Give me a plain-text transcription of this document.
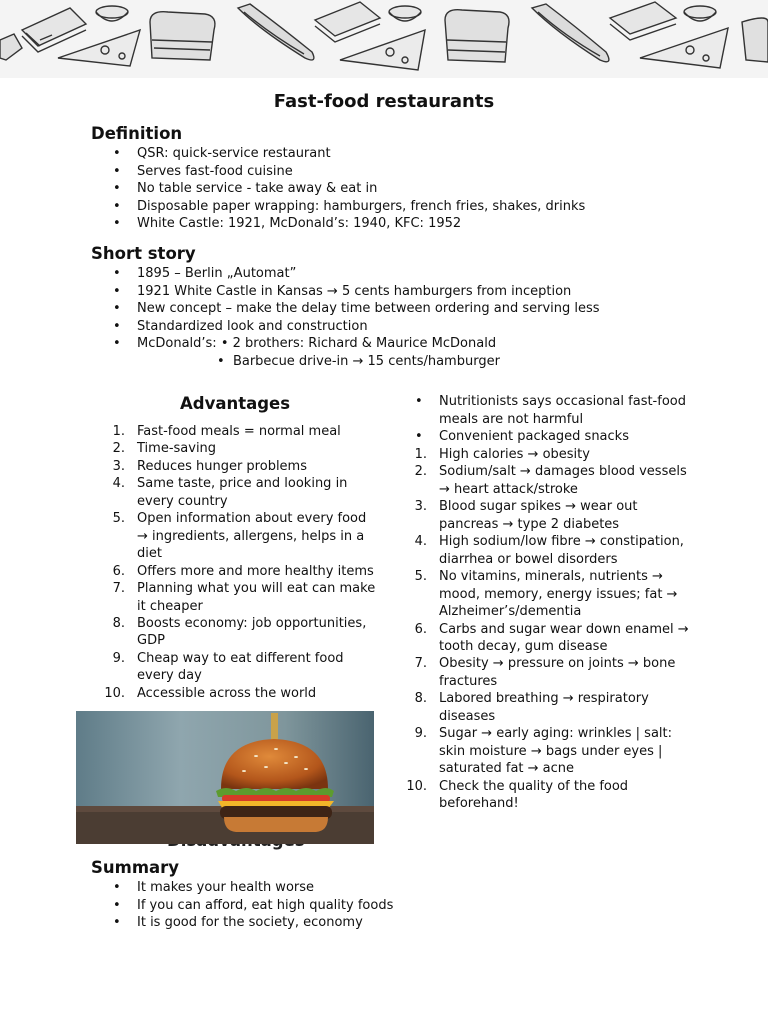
Fast-food restaurants
Definition
• QSR: quick-service restaurant
• Serves fast-food cuisine
• No table service - take away & eat in
• Disposable paper wrapping: hamburgers, french fries, shakes, drinks
• White Castle: 1921, McDonald’s: 1940, KFC: 1952
Short story
• 1895 – Berlin „Automat”
• 1921 White Castle in Kansas → 5 cents hamburgers from inception
• New concept – make the delay time between ordering and serving less
• Standardized look and construction
• McDonald’s: • 2 brothers: Richard & Maurice McDonald
•  Barbecue drive-in → 15 cents/hamburger
Advantages
1. Fast-food meals = normal meal
2. Time-saving
3. Reduces hunger problems
4. Same taste, price and looking in every country
5. Open information about every food → ingredients, allergens, helps in a diet
6. Offers more and more healthy items
7. Planning what you will eat can make it cheaper
8. Boosts economy: job opportunities, GDP
9. Cheap way to eat different food every day
10. Accessible across the world
Summary
• It makes your health worse
• If you can afford, eat high quality foods
• It is good for the society, economy
• Nutritionists says occasional fast-food meals are not harmful
• Convenient packaged snacks
1. High calories → obesity
2. Sodium/salt → damages blood vessels → heart attack/stroke
3. Blood sugar spikes → wear out pancreas → type 2 diabetes
4. High sodium/low fibre → constipation, diarrhea or bowel disorders
5. No vitamins, minerals, nutrients → mood, memory, energy issues; fat → Alzheimer’s/dementia
6. Carbs and sugar wear down enamel → tooth decay, gum disease
7. Obesity → pressure on joints → bone fractures
8. Labored breathing → respiratory diseases
9. Sugar → early aging: wrinkles | salt: skin moisture → bags under eyes | saturated fat → acne
10. Check the quality of the food beforehand!
